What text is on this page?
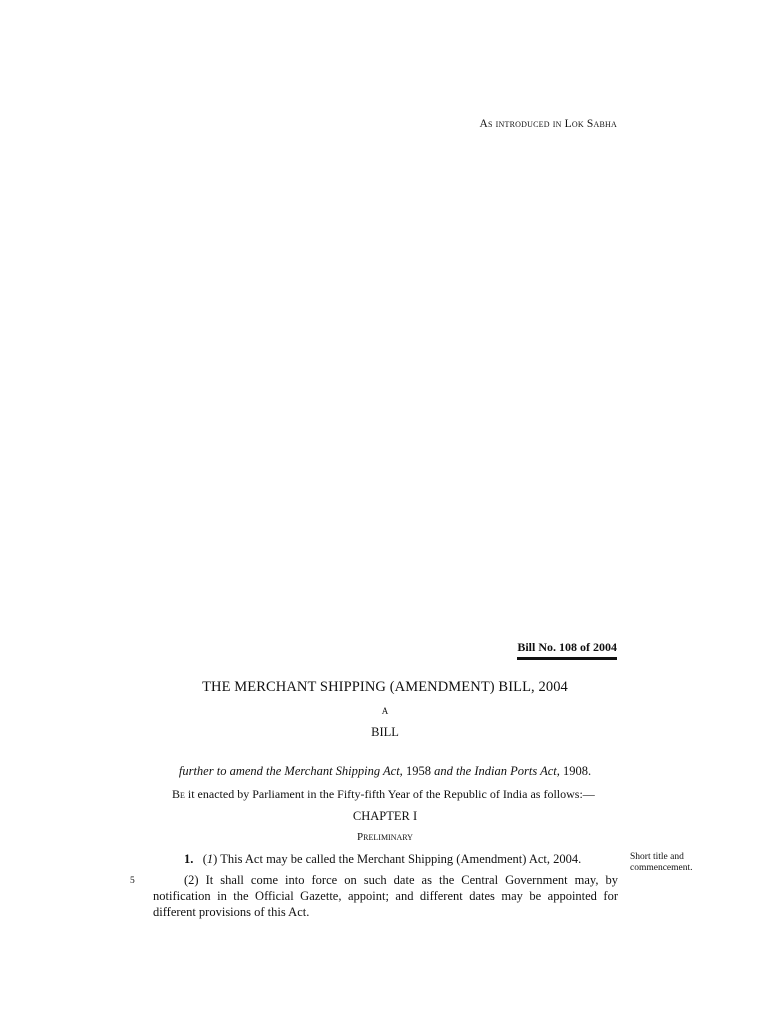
As introduced in Lok Sabha
Bill No. 108 of 2004
THE MERCHANT SHIPPING (AMENDMENT) BILL, 2004
A
BILL
further to amend the Merchant Shipping Act, 1958 and the Indian Ports Act, 1908.
Be it enacted by Parliament in the Fifty-fifth Year of the Republic of India as follows:—
CHAPTER I
Preliminary
1. (1) This Act may be called the Merchant Shipping (Amendment) Act, 2004.	Short title and
commencement.
5	(2) It shall come into force on such date as the Central Government may, by notification in the Official Gazette, appoint; and different dates may be appointed for different provisions of this Act.
